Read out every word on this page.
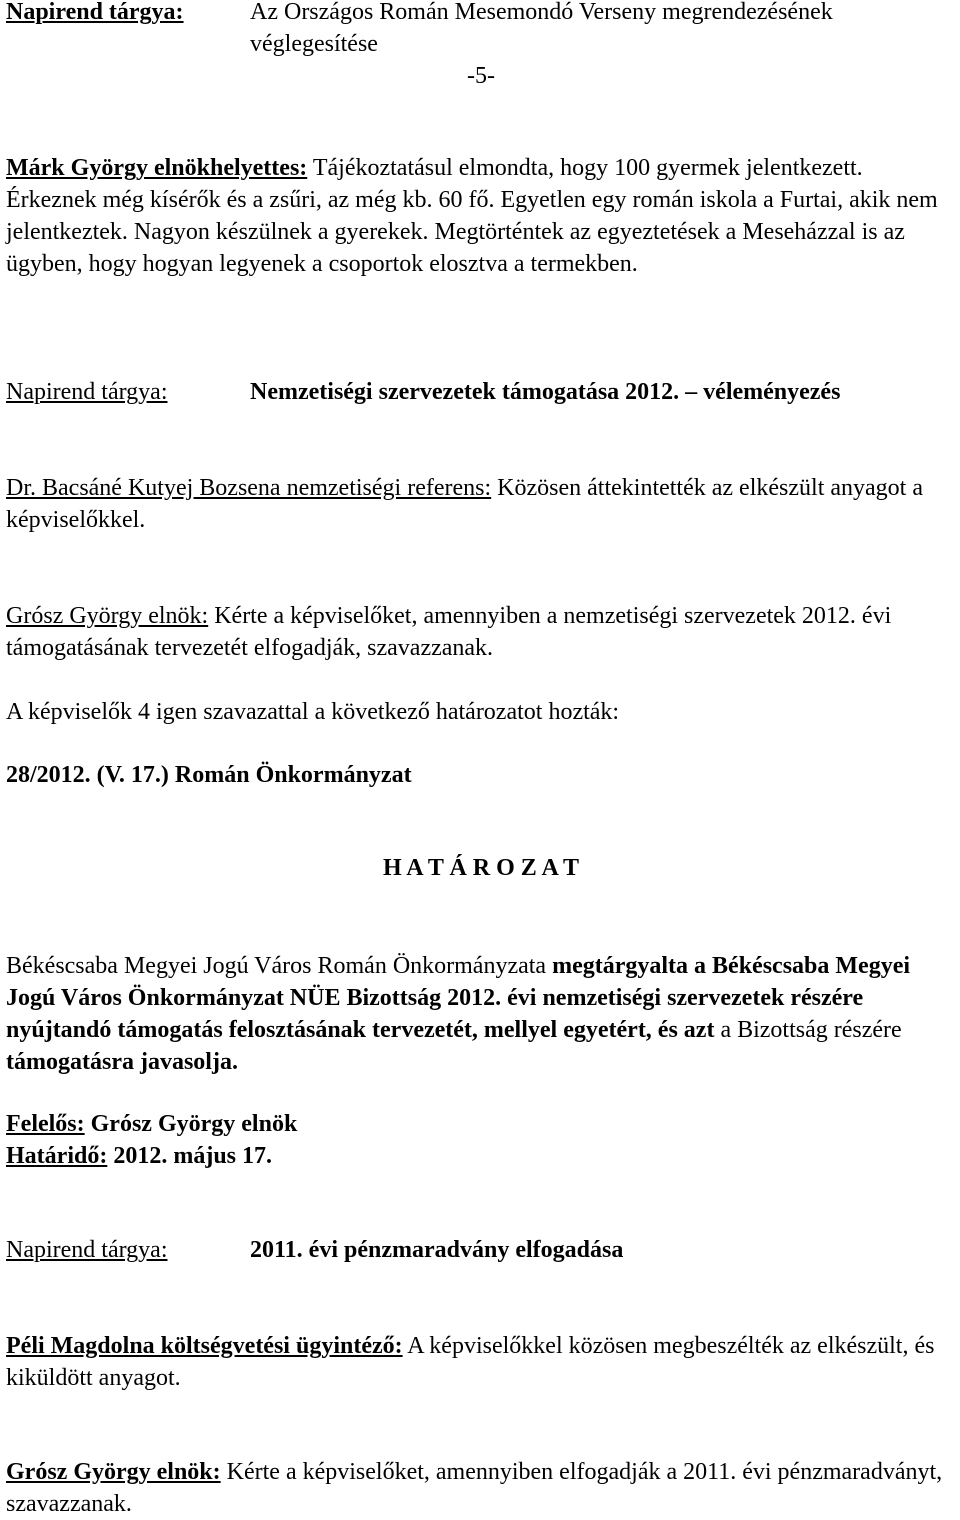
Napirend tárgya:	Az Országos Román Mesemondó Verseny megrendezésének véglegesítése
-5-
Márk György elnökhelyettes: Tájékoztatásul elmondta, hogy 100 gyermek jelentkezett. Érkeznek még kísérők és a zsűri, az még kb. 60 fő. Egyetlen egy román iskola a Furtai, akik nem jelentkeztek. Nagyon készülnek a gyerekek. Megtörténtek az egyeztetések a Meseházzal is az ügyben, hogy hogyan legyenek a csoportok elosztva a termekben.
Napirend tárgya:	Nemzetiségi szervezetek támogatása 2012. – véleményezés
Dr. Bacsáné Kutyej Bozsena nemzetiségi referens: Közösen áttekintették az elkészült anyagot a képviselőkkel.
Grósz György elnök: Kérte a képviselőket, amennyiben a nemzetiségi szervezetek 2012. évi támogatásának tervezetét elfogadják, szavazzanak.
A képviselők 4 igen szavazattal a következő határozatot hozták:
28/2012. (V. 17.) Román Önkormányzat
H A T Á R O Z A T
Békéscsaba Megyei Jogú Város Román Önkormányzata megtárgyalta a Békéscsaba Megyei Jogú Város Önkormányzat NÜE Bizottság 2012. évi nemzetiségi szervezetek részére nyújtandó támogatás felosztásának tervezetét, mellyel egyetért, és azt a Bizottság részére támogatásra javasolja.
Felelős: Grósz György elnök
Határidő: 2012. május 17.
Napirend tárgya:	2011. évi pénzmaradvány elfogadása
Péli Magdolna költségvetési ügyintéző: A képviselőkkel közösen megbeszélték az elkészült, és kiküldött anyagot.
Grósz György elnök: Kérte a képviselőket, amennyiben elfogadják a 2011. évi pénzmaradványt, szavazzanak.
